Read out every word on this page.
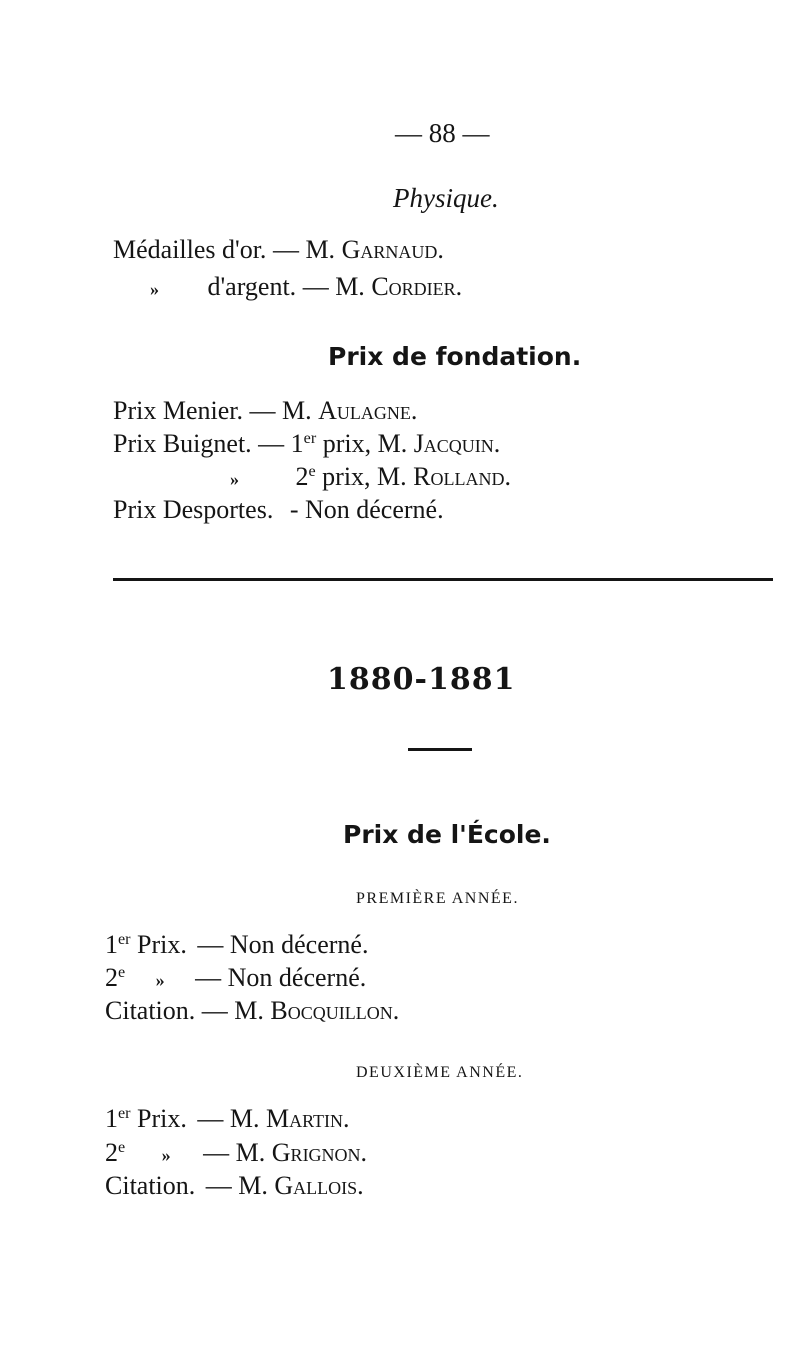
— 88 —
Physique.
Médailles d'or. — M. Garnaud.
» d'argent. — M. Cordier.
Prix de fondation.
Prix Menier. — M. Aulagne.
Prix Buignet. — 1er prix, M. Jacquin.
» 2e prix, M. Rolland.
Prix Desportes. - Non décerné.
1880-1881
Prix de l'École.
PREMIÈRE ANNÉE.
1er Prix. — Non décerné.
2e » — Non décerné.
Citation. — M. Bocquillon.
DEUXIÈME ANNÉE.
1er Prix. — M. Martin.
2e » — M. Grignon.
Citation. — M. Gallois.
